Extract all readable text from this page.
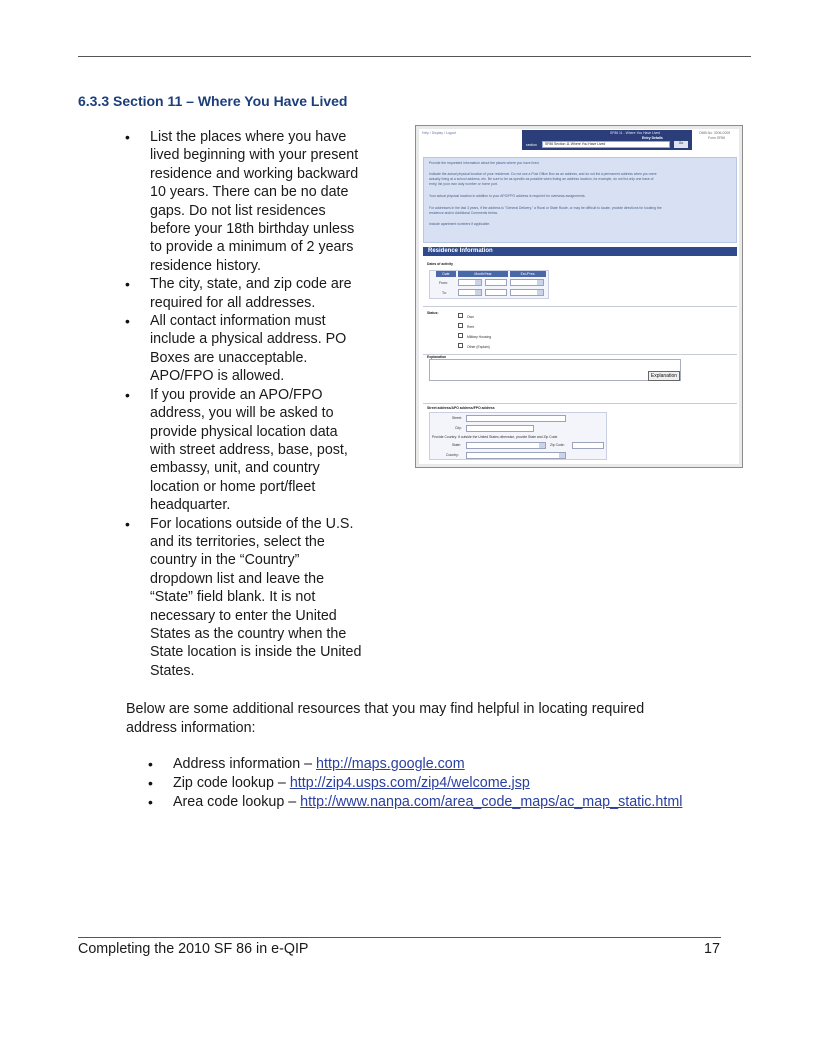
6.3.3 Section 11 – Where You Have Lived
• List the places where you have
lived beginning with your present
residence and working backward
10 years. There can be no date
gaps. Do not list residences
before your 18th birthday unless
to provide a minimum of 2 years
residence history.
• The city, state, and zip code are
required for all addresses.
• All contact information must
include a physical address. PO
Boxes are unacceptable.
APO/FPO is allowed.
• If you provide an APO/FPO
address, you will be asked to
provide physical location data
with street address, base, post,
embassy, unit, and country
location or home port/fleet
headquarter.
• For locations outside of the U.S.
and its territories, select the
country in the “Country”
dropdown list and leave the
“State” field blank. It is not
necessary to enter the United
States as the country when the
State location is inside the United
States.
Help / Display / Logout	SF86 11 - Where You Have Lived
Entry Details
section	SF86 Section 11 Where You Have Lived	Go
OMB No. 3206-0005
Form SF86
Provide the requested information about the places where you have lived.
Indicate the actual physical location of your residence. Do not use a Post Office Box as an address, and do not list a permanent address when you were
actually living at a school address, etc. Be sure to be as specific as possible when listing an address location, for example, do not list only one base of
entry, list your own duty number or home port.
Your actual physical location in addition to your APO/FPO address is required for overseas assignments.
For addresses in the last 3 years, if the address is "General Delivery," a Rural or State Route, or may be difficult to locate, provide directions for locating the
residence and/or Additional Comments below.
Include apartment numbers if applicable.
Residence Information
Dates of activity
Date	Month/Year	Est./Pres.
From:
To:
Status:
Own
Rent
Military Housing
Other (Explain)
Explanation
Explanation
Street address/APO address/FPO address
Street:
City:
Provide Country. If outside the United States otherwise, provide State and Zip Code.
State:	Zip Code:
Country:
Below are some additional resources that you may find helpful in locating required
address information:
• Address information – http://maps.google.com
• Zip code lookup – http://zip4.usps.com/zip4/welcome.jsp
• Area code lookup – http://www.nanpa.com/area_code_maps/ac_map_static.html
Completing the 2010 SF 86 in e-QIP	17
